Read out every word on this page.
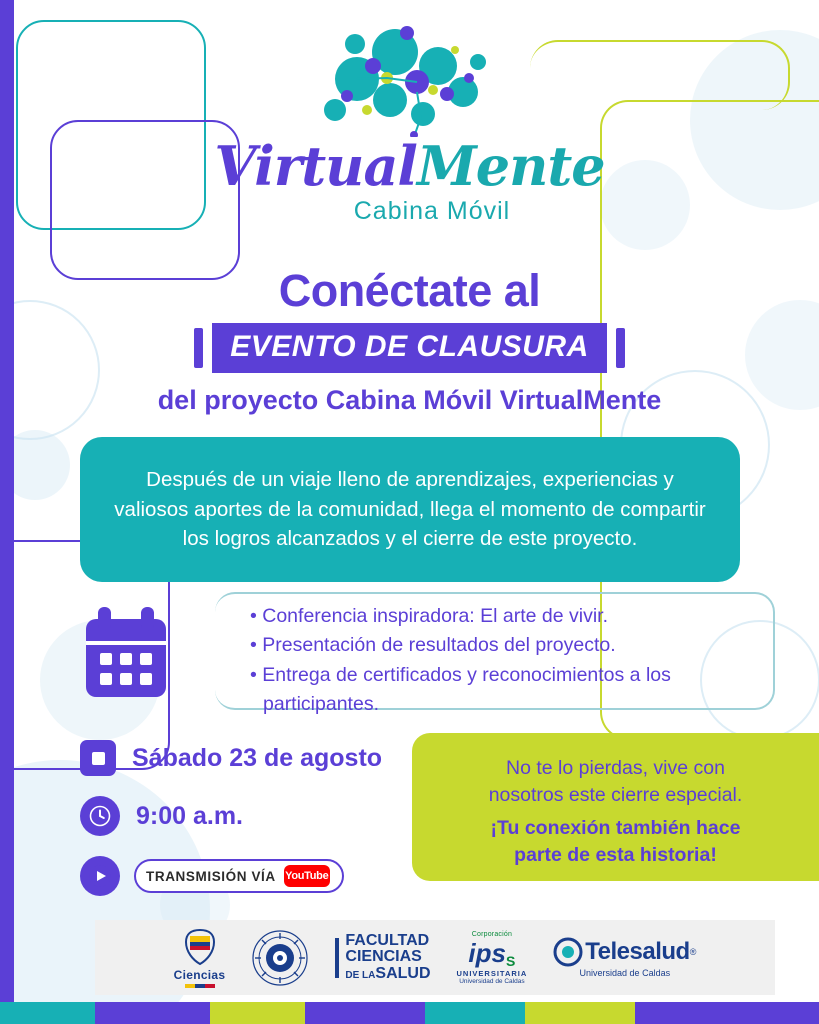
VirtualMente
Cabina Móvil
Conéctate al
EVENTO DE CLAUSURA
del proyecto Cabina Móvil VirtualMente
Después de un viaje lleno de aprendizajes, experiencias y valiosos aportes de la comunidad, llega el momento de compartir los logros alcanzados y el cierre de este proyecto.
• Conferencia inspiradora: El arte de vivir.
• Presentación de resultados del proyecto.
• Entrega de certificados y reconocimientos a los participantes.
Sábado 23 de agosto
9:00 a.m.
TRANSMISIÓN VÍA YouTube
No te lo pierdas, vive con
nosotros este cierre especial.
¡Tu conexión también hace
parte de esta historia!
Ciencias
FACULTAD
CIENCIAS
DE LASALUD
Corporación
ips S
UNIVERSITARIA
Universidad de Caldas
Telesalud ®
Universidad de Caldas
